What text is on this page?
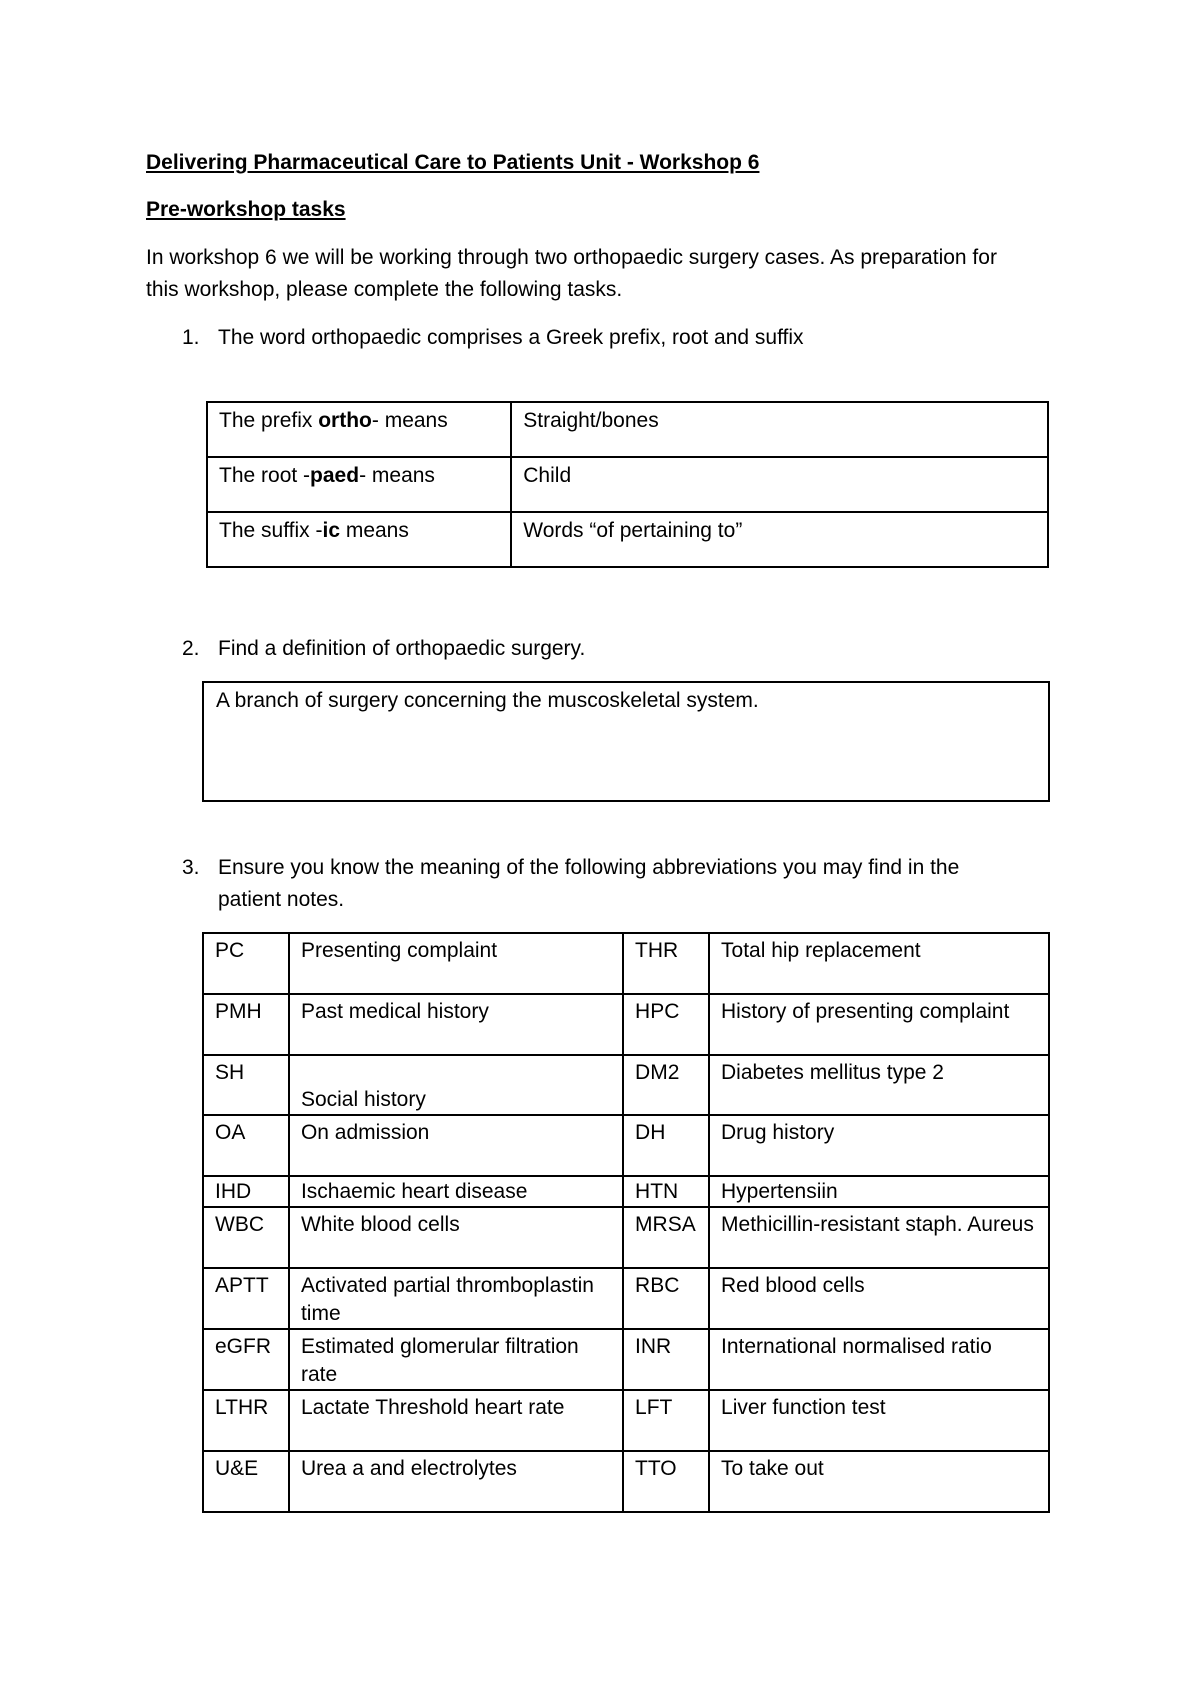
Delivering Pharmaceutical Care to Patients Unit - Workshop 6
Pre-workshop tasks
In workshop 6 we will be working through two orthopaedic surgery cases. As preparation for
this workshop, please complete the following tasks.
1. The word orthopaedic comprises a Greek prefix, root and suffix
The prefix ortho- means	Straight/bones
The root -paed- means	Child
The suffix -ic means	Words “of pertaining to”
2. Find a definition of orthopaedic surgery.
A branch of surgery concerning the muscoskeletal system.
3. Ensure you know the meaning of the following abbreviations you may find in the
patient notes.
PC	Presenting complaint	THR	Total hip replacement
PMH	Past medical history	HPC	History of presenting complaint
SH	Social history	DM2	Diabetes mellitus type 2
OA	On admission	DH	Drug history
IHD	Ischaemic heart disease	HTN	Hypertensiin
WBC	White blood cells	MRSA	Methicillin-resistant staph. Aureus
APTT	Activated partial thromboplastin time	RBC	Red blood cells
eGFR	Estimated glomerular filtration rate	INR	International normalised ratio
LTHR	Lactate Threshold heart rate	LFT	Liver function test
U&E	Urea a and electrolytes	TTO	To take out
